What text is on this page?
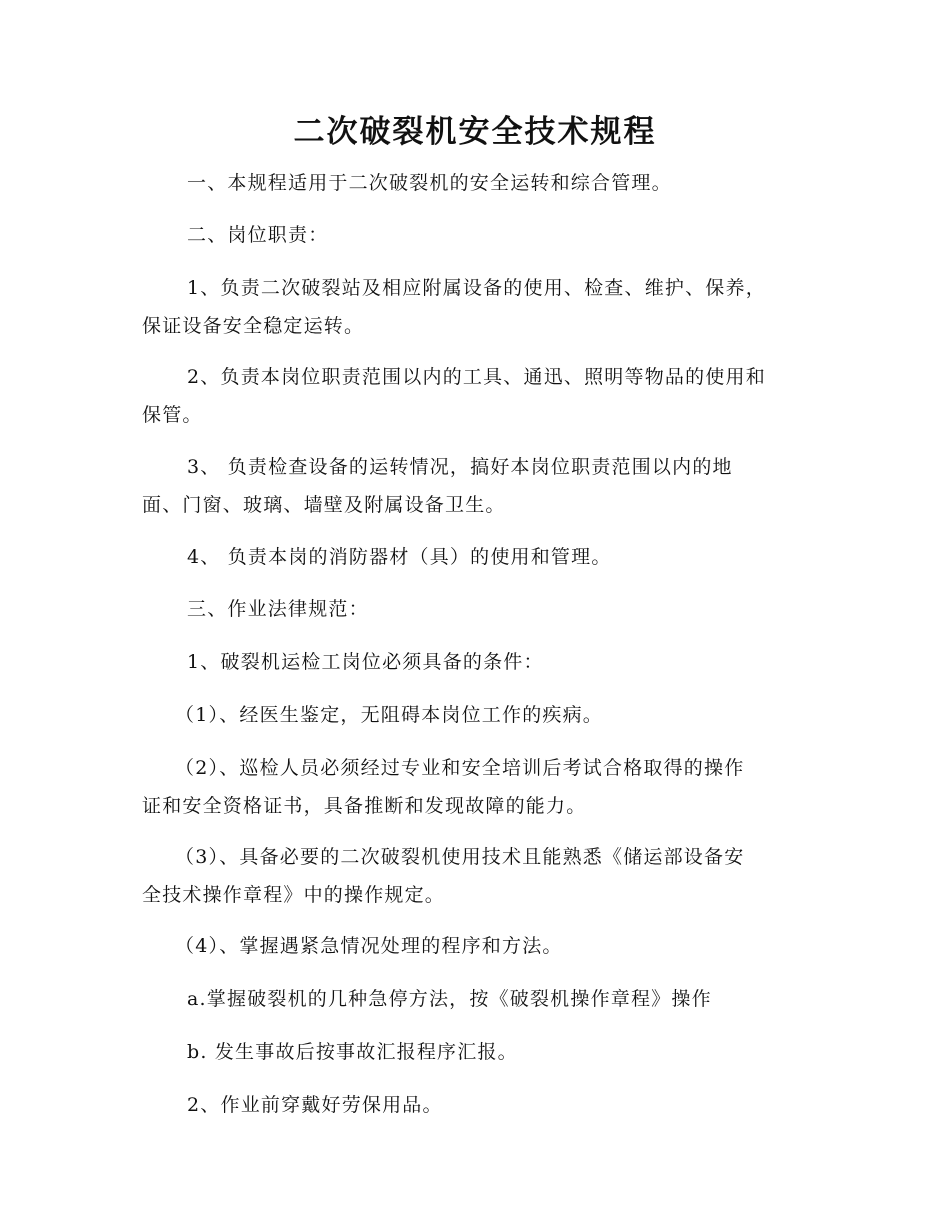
二次破裂机安全技术规程
一、本规程适用于二次破裂机的安全运转和综合管理。
二、岗位职责：
1、负责二次破裂站及相应附属设备的使用、检查、维护、保养，
保证设备安全稳定运转。
2、负责本岗位职责范围以内的工具、通迅、照明等物品的使用和
保管。
3、 负责检查设备的运转情况，搞好本岗位职责范围以内的地
面、门窗、玻璃、墙壁及附属设备卫生。
4、 负责本岗的消防器材（具）的使用和管理。
三、作业法律规范：
1、破裂机运检工岗位必须具备的条件：
（1）、经医生鉴定，无阻碍本岗位工作的疾病。
（2）、巡检人员必须经过专业和安全培训后考试合格取得的操作
证和安全资格证书，具备推断和发现故障的能力。
（3）、具备必要的二次破裂机使用技术且能熟悉《储运部设备安
全技术操作章程》中的操作规定。
（4）、掌握遇紧急情况处理的程序和方法。
a.掌握破裂机的几种急停方法，按《破裂机操作章程》操作
b. 发生事故后按事故汇报程序汇报。
2、作业前穿戴好劳保用品。
